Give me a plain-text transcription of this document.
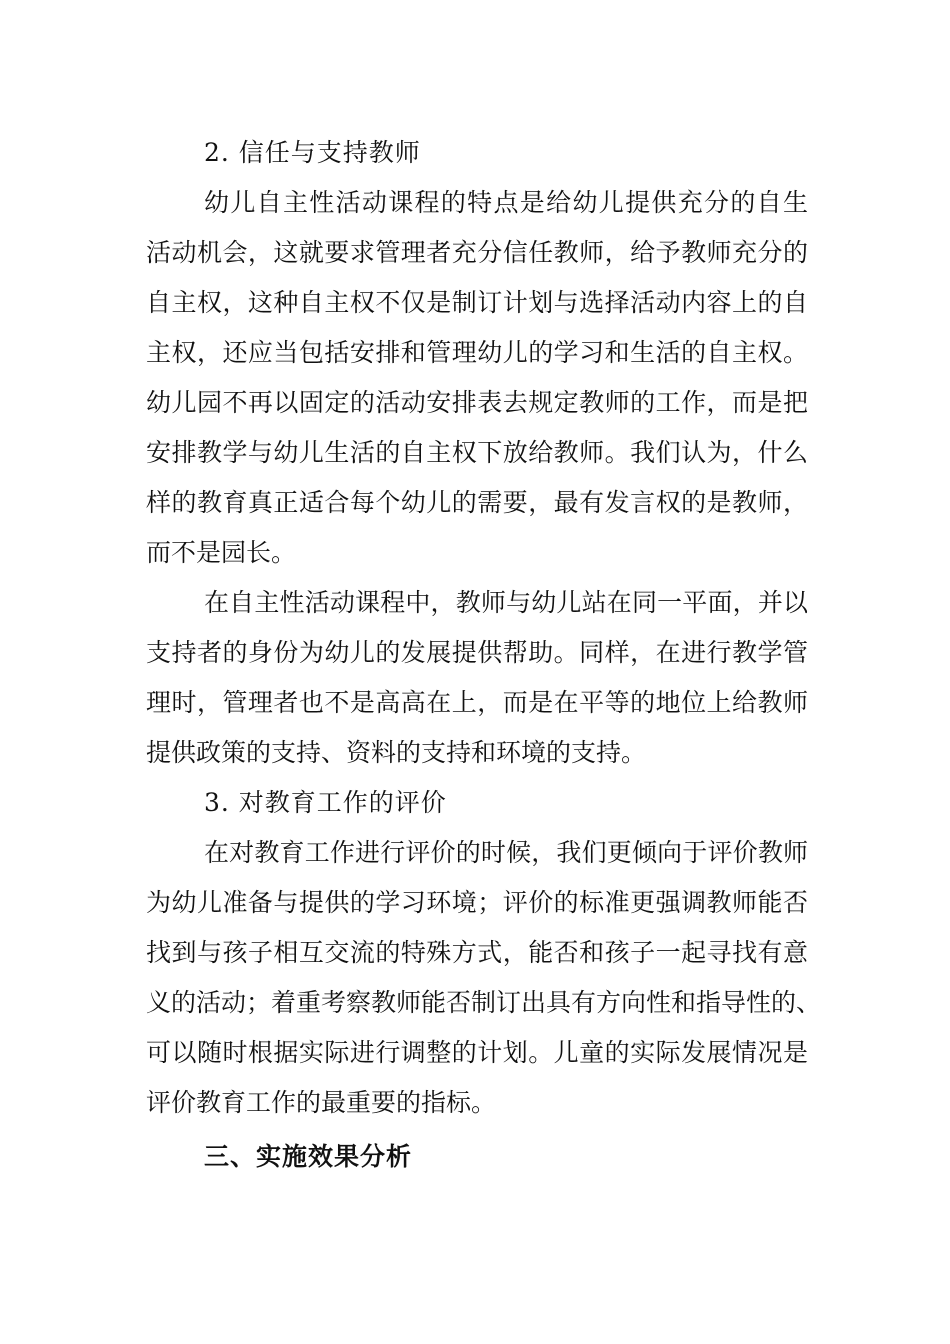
2. 信任与支持教师
幼儿自主性活动课程的特点是给幼儿提供充分的自生
活动机会，这就要求管理者充分信任教师，给予教师充分的
自主权，这种自主权不仅是制订计划与选择活动内容上的自
主权，还应当包括安排和管理幼儿的学习和生活的自主权。
幼儿园不再以固定的活动安排表去规定教师的工作，而是把
安排教学与幼儿生活的自主权下放给教师。我们认为，什么
样的教育真正适合每个幼儿的需要，最有发言权的是教师，
而不是园长。
在自主性活动课程中，教师与幼儿站在同一平面，并以
支持者的身份为幼儿的发展提供帮助。同样，在进行教学管
理时，管理者也不是高高在上，而是在平等的地位上给教师
提供政策的支持、资料的支持和环境的支持。
3. 对教育工作的评价
在对教育工作进行评价的时候，我们更倾向于评价教师
为幼儿准备与提供的学习环境；评价的标准更强调教师能否
找到与孩子相互交流的特殊方式，能否和孩子一起寻找有意
义的活动；着重考察教师能否制订出具有方向性和指导性的、
可以随时根据实际进行调整的计划。儿童的实际发展情况是
评价教育工作的最重要的指标。
三、实施效果分析
